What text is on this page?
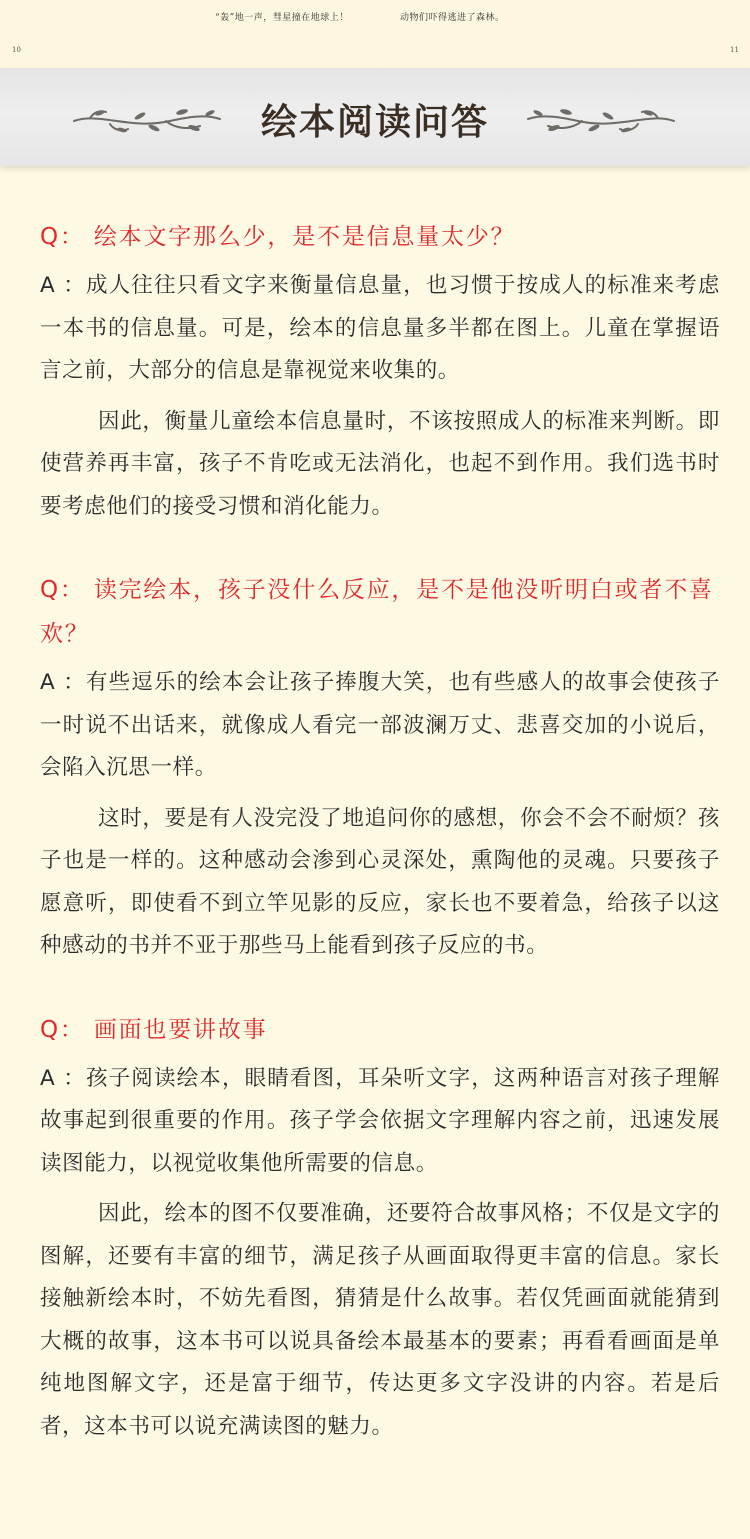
“轰”地一声，彗星撞在地球上！	动物们吓得逃进了森林。
10	11
绘本阅读问答

Q： 绘本文字那么少，是不是信息量太少？

A ：成人往往只看文字来衡量信息量，也习惯于按成人的标准来考虑一本书的信息量。可是，绘本的信息量多半都在图上。儿童在掌握语言之前，大部分的信息是靠视觉来收集的。

因此，衡量儿童绘本信息量时，不该按照成人的标准来判断。即使营养再丰富，孩子不肯吃或无法消化，也起不到作用。我们选书时要考虑他们的接受习惯和消化能力。

Q： 读完绘本，孩子没什么反应，是不是他没听明白或者不喜欢？

A ：有些逗乐的绘本会让孩子捧腹大笑，也有些感人的故事会使孩子一时说不出话来，就像成人看完一部波澜万丈、悲喜交加的小说后，会陷入沉思一样。

这时，要是有人没完没了地追问你的感想，你会不会不耐烦？孩子也是一样的。这种感动会渗到心灵深处，熏陶他的灵魂。只要孩子愿意听，即使看不到立竿见影的反应，家长也不要着急，给孩子以这种感动的书并不亚于那些马上能看到孩子反应的书。

Q： 画面也要讲故事

A ：孩子阅读绘本，眼睛看图，耳朵听文字，这两种语言对孩子理解故事起到很重要的作用。孩子学会依据文字理解内容之前，迅速发展读图能力，以视觉收集他所需要的信息。

因此，绘本的图不仅要准确，还要符合故事风格；不仅是文字的图解，还要有丰富的细节，满足孩子从画面取得更丰富的信息。家长接触新绘本时，不妨先看图，猜猜是什么故事。若仅凭画面就能猜到大概的故事，这本书可以说具备绘本最基本的要素；再看看画面是单纯地图解文字，还是富于细节，传达更多文字没讲的内容。若是后者，这本书可以说充满读图的魅力。
